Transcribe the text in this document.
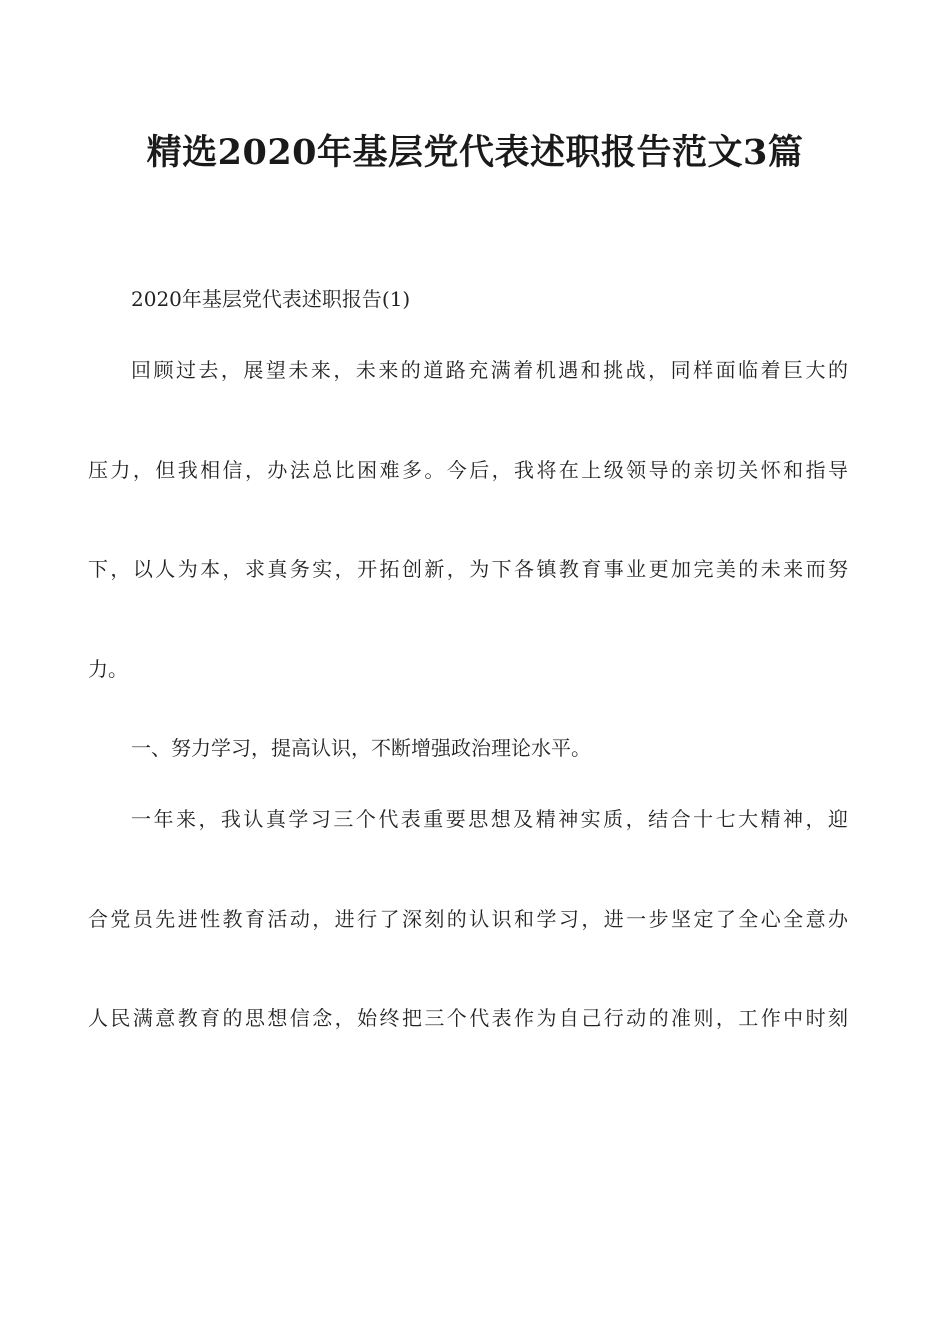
精选2020年基层党代表述职报告范文3篇
2020年基层党代表述职报告(1)
回顾过去，展望未来，未来的道路充满着机遇和挑战，同样面临着巨大的
压力，但我相信，办法总比困难多。今后，我将在上级领导的亲切关怀和指导
下，以人为本，求真务实，开拓创新，为下各镇教育事业更加完美的未来而努
力。
一、努力学习，提高认识，不断增强政治理论水平。
一年来，我认真学习三个代表重要思想及精神实质，结合十七大精神，迎
合党员先进性教育活动，进行了深刻的认识和学习，进一步坚定了全心全意办
人民满意教育的思想信念，始终把三个代表作为自己行动的准则，工作中时刻
